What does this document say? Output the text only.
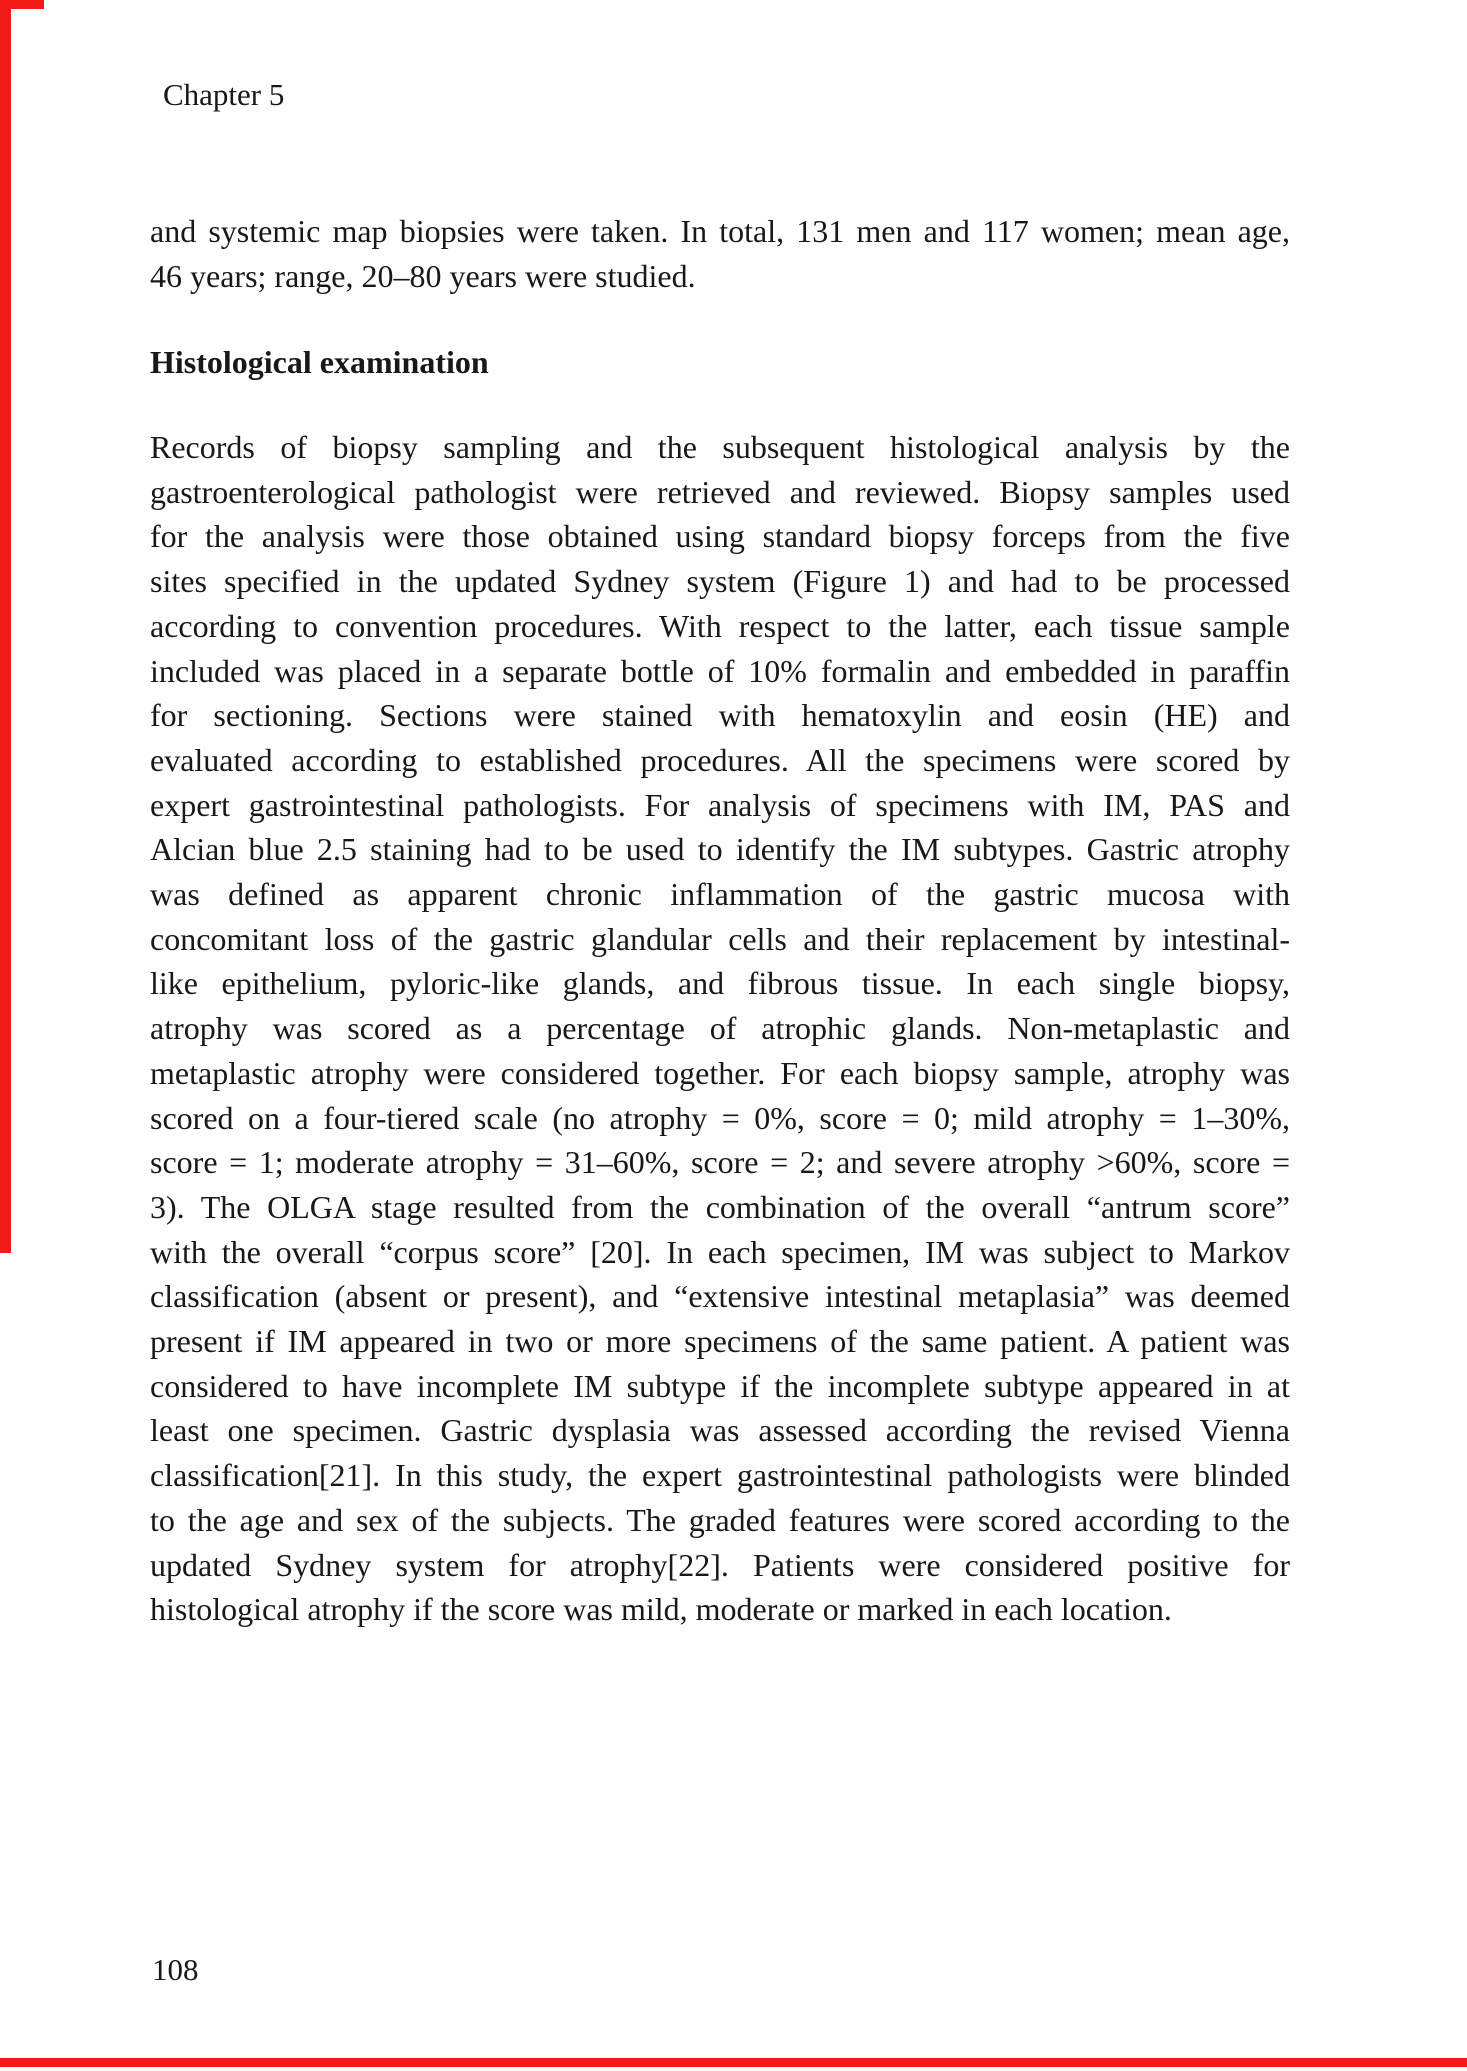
Chapter 5
and systemic map biopsies were taken. In total, 131 men and 117 women; mean age,
46 years; range, 20–80 years were studied.
Histological examination
Records of biopsy sampling and the subsequent histological analysis by the
gastroenterological pathologist were retrieved and reviewed. Biopsy samples used
for the analysis were those obtained using standard biopsy forceps from the five
sites specified in the updated Sydney system (Figure 1) and had to be processed
according to convention procedures. With respect to the latter, each tissue sample
included was placed in a separate bottle of 10% formalin and embedded in paraffin
for sectioning. Sections were stained with hematoxylin and eosin (HE) and
evaluated according to established procedures. All the specimens were scored by
expert gastrointestinal pathologists. For analysis of specimens with IM, PAS and
Alcian blue 2.5 staining had to be used to identify the IM subtypes. Gastric atrophy
was defined as apparent chronic inflammation of the gastric mucosa with
concomitant loss of the gastric glandular cells and their replacement by intestinal-
like epithelium, pyloric-like glands, and fibrous tissue. In each single biopsy,
atrophy was scored as a percentage of atrophic glands. Non-metaplastic and
metaplastic atrophy were considered together. For each biopsy sample, atrophy was
scored on a four-tiered scale (no atrophy = 0%, score = 0; mild atrophy = 1–30%,
score = 1; moderate atrophy = 31–60%, score = 2; and severe atrophy >60%, score =
3). The OLGA stage resulted from the combination of the overall “antrum score”
with the overall “corpus score” [20]. In each specimen, IM was subject to Markov
classification (absent or present), and “extensive intestinal metaplasia” was deemed
present if IM appeared in two or more specimens of the same patient. A patient was
considered to have incomplete IM subtype if the incomplete subtype appeared in at
least one specimen. Gastric dysplasia was assessed according the revised Vienna
classification[21]. In this study, the expert gastrointestinal pathologists were blinded
to the age and sex of the subjects. The graded features were scored according to the
updated Sydney system for atrophy[22]. Patients were considered positive for
histological atrophy if the score was mild, moderate or marked in each location.
108
